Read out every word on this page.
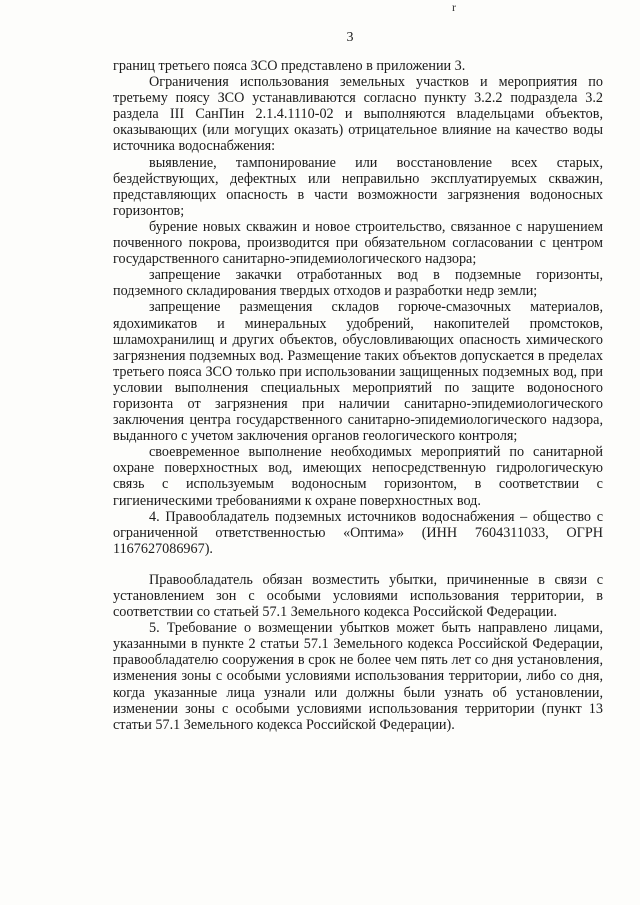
r
3

границ третьего пояса ЗСО представлено в приложении 3.

Ограничения использования земельных участков и мероприятия по третьему поясу ЗСО устанавливаются согласно пункту 3.2.2 подраздела 3.2 раздела III СанПин 2.1.4.1110-02 и выполняются владельцами объектов, оказывающих (или могущих оказать) отрицательное влияние на качество воды источника водоснабжения:

выявление, тампонирование или восстановление всех старых, бездействующих, дефектных или неправильно эксплуатируемых скважин, представляющих опасность в части возможности загрязнения водоносных горизонтов;

бурение новых скважин и новое строительство, связанное с нарушением почвенного покрова, производится при обязательном согласовании с центром государственного санитарно-эпидемиологического надзора;

запрещение закачки отработанных вод в подземные горизонты, подземного складирования твердых отходов и разработки недр земли;

запрещение размещения складов горюче-смазочных материалов, ядохимикатов и минеральных удобрений, накопителей промстоков, шламохранилищ и других объектов, обусловливающих опасность химического загрязнения подземных вод. Размещение таких объектов допускается в пределах третьего пояса ЗСО только при использовании защищенных подземных вод, при условии выполнения специальных мероприятий по защите водоносного горизонта от загрязнения при наличии санитарно-эпидемиологического заключения центра государственного санитарно-эпидемиологического надзора, выданного с учетом заключения органов геологического контроля;

своевременное выполнение необходимых мероприятий по санитарной охране поверхностных вод, имеющих непосредственную гидрологическую связь с используемым водоносным горизонтом, в соответствии с гигиеническими требованиями к охране поверхностных вод.

4. Правообладатель подземных источников водоснабжения – общество с ограниченной ответственностью «Оптима» (ИНН 7604311033, ОГРН 1167627086967).

Правообладатель обязан возместить убытки, причиненные в связи с установлением зон с особыми условиями использования территории, в соответствии со статьей 57.1 Земельного кодекса Российской Федерации.

5. Требование о возмещении убытков может быть направлено лицами, указанными в пункте 2 статьи 57.1 Земельного кодекса Российской Федерации, правообладателю сооружения в срок не более чем пять лет со дня установления, изменения зоны с особыми условиями использования территории, либо со дня, когда указанные лица узнали или должны были узнать об установлении, изменении зоны с особыми условиями использования территории (пункт 13 статьи 57.1 Земельного кодекса Российской Федерации).
